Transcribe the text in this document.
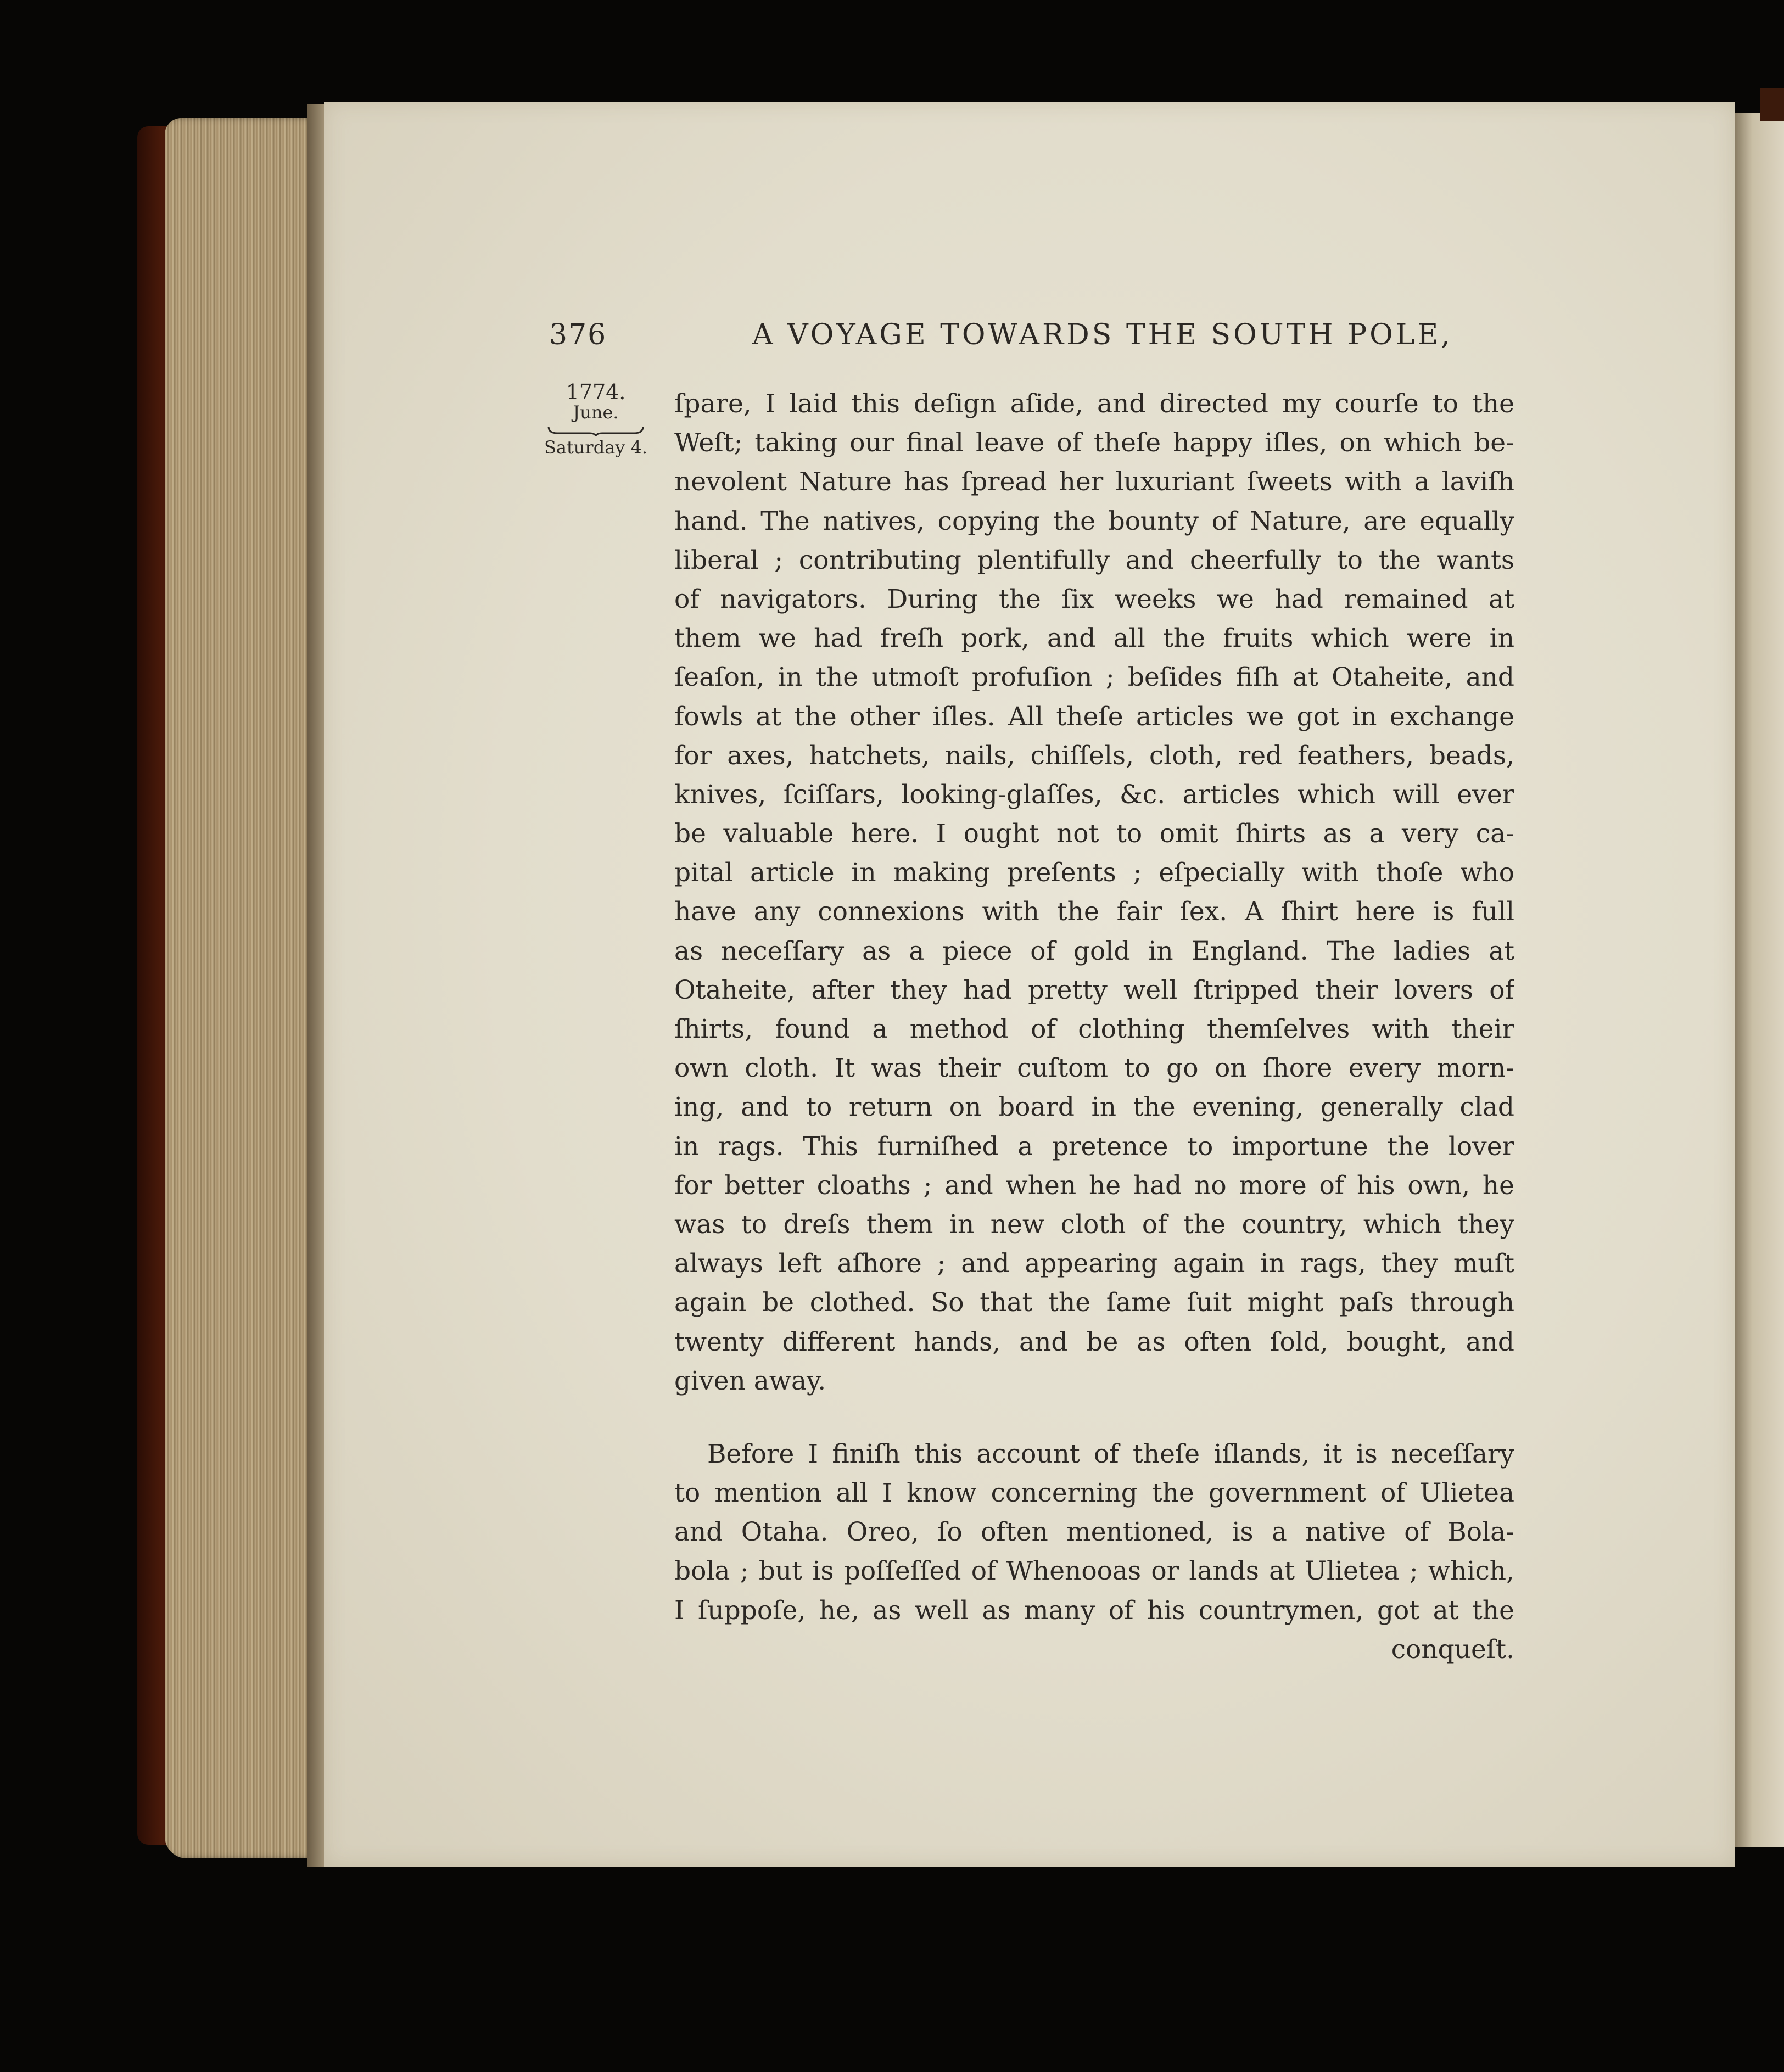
376	A VOYAGE TOWARDS THE SOUTH POLE,
1774.
June.
Saturday 4.
ſpare, I laid this deſign aſide, and directed my courſe to the
Weſt; taking our final leave of theſe happy iſles, on which be-
nevolent Nature has ſpread her luxuriant ſweets with a laviſh
hand. The natives, copying the bounty of Nature, are equally
liberal ; contributing plentifully and cheerfully to the wants
of navigators. During the ſix weeks we had remained at
them we had freſh pork, and all the fruits which were in
ſeaſon, in the utmoſt profuſion ; beſides fiſh at Otaheite, and
fowls at the other iſles. All theſe articles we got in exchange
for axes, hatchets, nails, chiſſels, cloth, red feathers, beads,
knives, ſciſſars, looking-glaſſes, &c. articles which will ever
be valuable here. I ought not to omit ſhirts as a very ca-
pital article in making preſents ; eſpecially with thoſe who
have any connexions with the fair ſex. A ſhirt here is full
as neceſſary as a piece of gold in England. The ladies at
Otaheite, after they had pretty well ſtripped their lovers of
ſhirts, found a method of clothing themſelves with their
own cloth. It was their cuſtom to go on ſhore every morn-
ing, and to return on board in the evening, generally clad
in rags. This furniſhed a pretence to importune the lover
for better cloaths ; and when he had no more of his own, he
was to dreſs them in new cloth of the country, which they
always left aſhore ; and appearing again in rags, they muſt
again be clothed. So that the ſame ſuit might paſs through
twenty different hands, and be as often ſold, bought, and
given away.
Before I finiſh this account of theſe iſlands, it is neceſſary
to mention all I know concerning the government of Ulietea
and Otaha. Oreo, ſo often mentioned, is a native of Bola-
bola ; but is poſſeſſed of Whenooas or lands at Ulietea ; which,
I ſuppoſe, he, as well as many of his countrymen, got at the
conqueſt.
